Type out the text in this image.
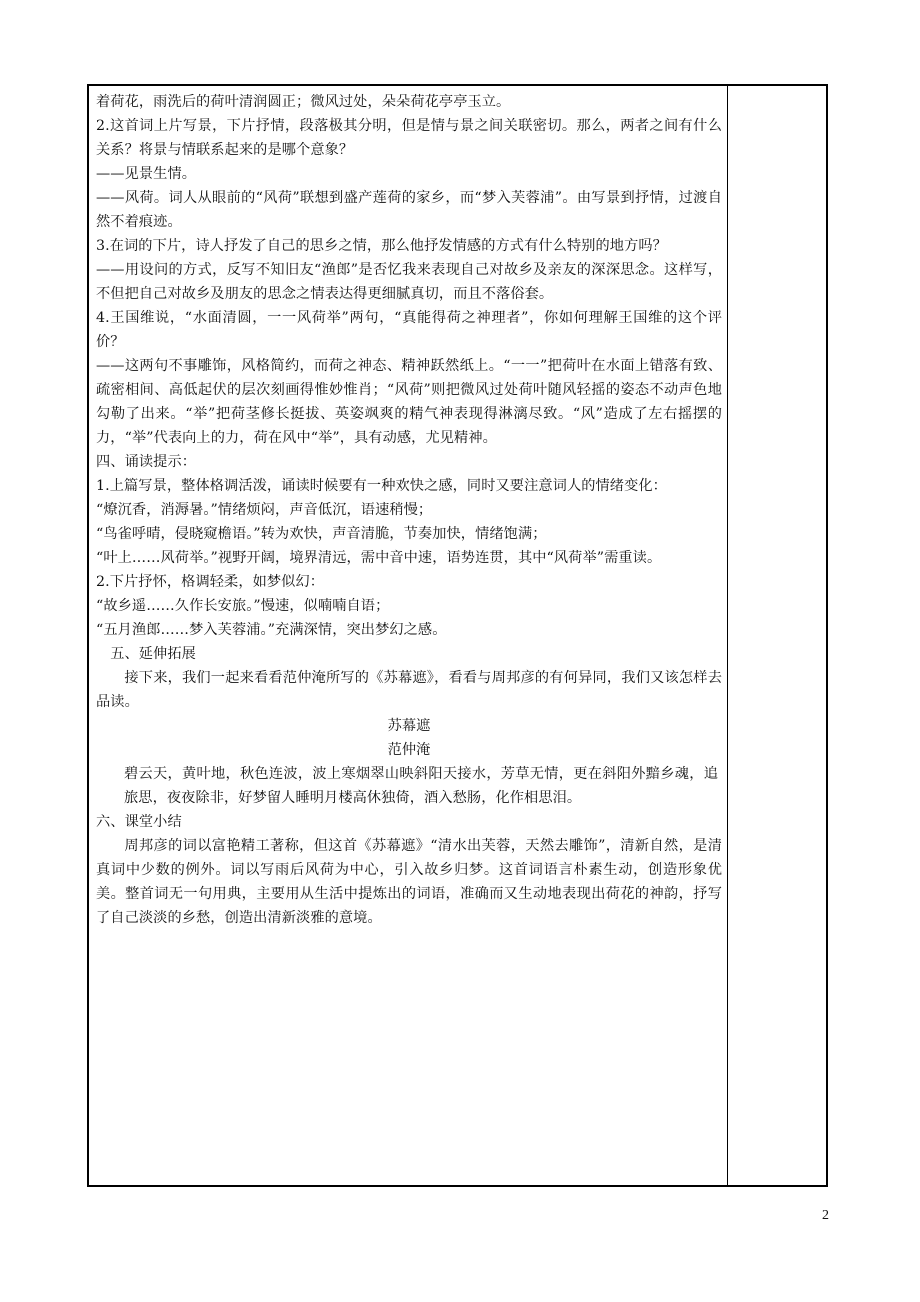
着荷花，雨洗后的荷叶清润圆正；微风过处，朵朵荷花亭亭玉立。

2.这首词上片写景，下片抒情，段落极其分明，但是情与景之间关联密切。那么，两者之间有什么关系？将景与情联系起来的是哪个意象？

——见景生情。

——风荷。词人从眼前的“风荷”联想到盛产莲荷的家乡，而“梦入芙蓉浦”。由写景到抒情，过渡自然不着痕迹。

3.在词的下片，诗人抒发了自己的思乡之情，那么他抒发情感的方式有什么特别的地方吗？

——用设问的方式，反写不知旧友“渔郎”是否忆我来表现自己对故乡及亲友的深深思念。这样写，不但把自己对故乡及朋友的思念之情表达得更细腻真切，而且不落俗套。

4.王国维说，“水面清圆，一一风荷举”两句，“真能得荷之神理者”，你如何理解王国维的这个评价？

——这两句不事雕饰，风格简约，而荷之神态、精神跃然纸上。“一一”把荷叶在水面上错落有致、疏密相间、高低起伏的层次刻画得惟妙惟肖；“风荷”则把微风过处荷叶随风轻摇的姿态不动声色地勾勒了出来。“举”把荷茎修长挺拔、英姿飒爽的精气神表现得淋漓尽致。“风”造成了左右摇摆的力，“举”代表向上的力，荷在风中“举”，具有动感，尤见精神。

四、诵读提示：

1.上篇写景，整体格调活泼，诵读时候要有一种欢快之感，同时又要注意词人的情绪变化：

“燎沉香，消溽暑。”情绪烦闷，声音低沉，语速稍慢；

“鸟雀呼晴，侵晓窥檐语。”转为欢快，声音清脆，节奏加快，情绪饱满；

“叶上……风荷举。”视野开阔，境界清远，需中音中速，语势连贯，其中“风荷举”需重读。

2.下片抒怀，格调轻柔，如梦似幻：

“故乡遥……久作长安旅。”慢速，似喃喃自语；

“五月渔郎……梦入芙蓉浦。”充满深情，突出梦幻之感。

五、延伸拓展

接下来，我们一起来看看范仲淹所写的《苏幕遮》，看看与周邦彦的有何异同，我们又该怎样去品读。

苏幕遮

范仲淹

碧云天，黄叶地，秋色连波，波上寒烟翠山映斜阳天接水，芳草无情，更在斜阳外黯乡魂，追旅思，夜夜除非，好梦留人睡明月楼高休独倚，酒入愁肠，化作相思泪。

六、课堂小结

周邦彦的词以富艳精工著称，但这首《苏幕遮》“清水出芙蓉，天然去雕饰”，清新自然，是清真词中少数的例外。词以写雨后风荷为中心，引入故乡归梦。这首词语言朴素生动，创造形象优美。整首词无一句用典，主要用从生活中提炼出的词语，准确而又生动地表现出荷花的神韵，抒写了自己淡淡的乡愁，创造出清新淡雅的意境。

2
